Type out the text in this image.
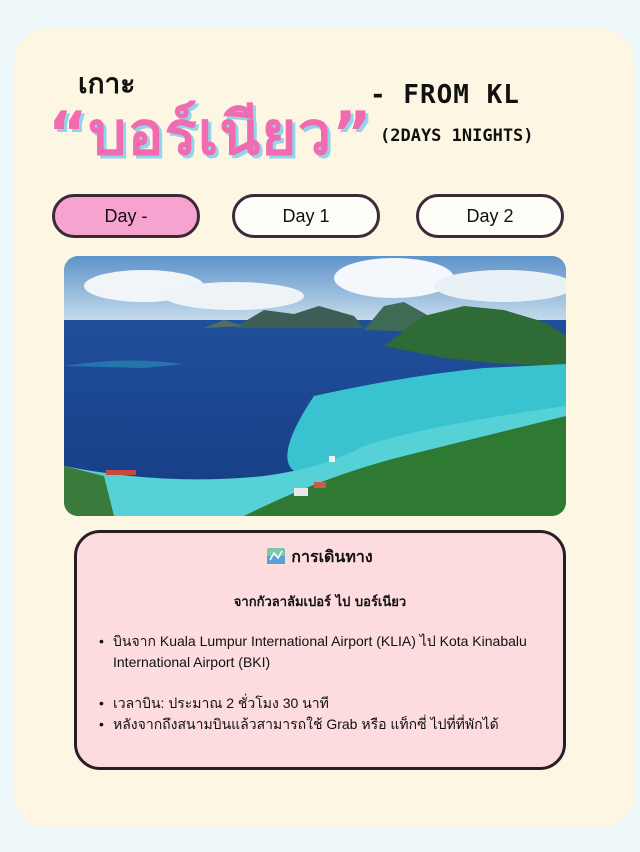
เกาะ
“บอร์เนียว”
- FROM KL
(2DAYS 1NIGHTS)
Day -	Day 1	Day 2
การเดินทาง
จากกัวลาลัมเปอร์ ไป บอร์เนียว
• บินจาก Kuala Lumpur International Airport (KLIA) ไป Kota Kinabalu International Airport (BKI)
• เวลาบิน: ประมาณ 2 ชั่วโมง 30 นาที
• หลังจากถึงสนามบินแล้วสามารถใช้ Grab หรือ แท็กซี่ ไปที่ที่พักได้
